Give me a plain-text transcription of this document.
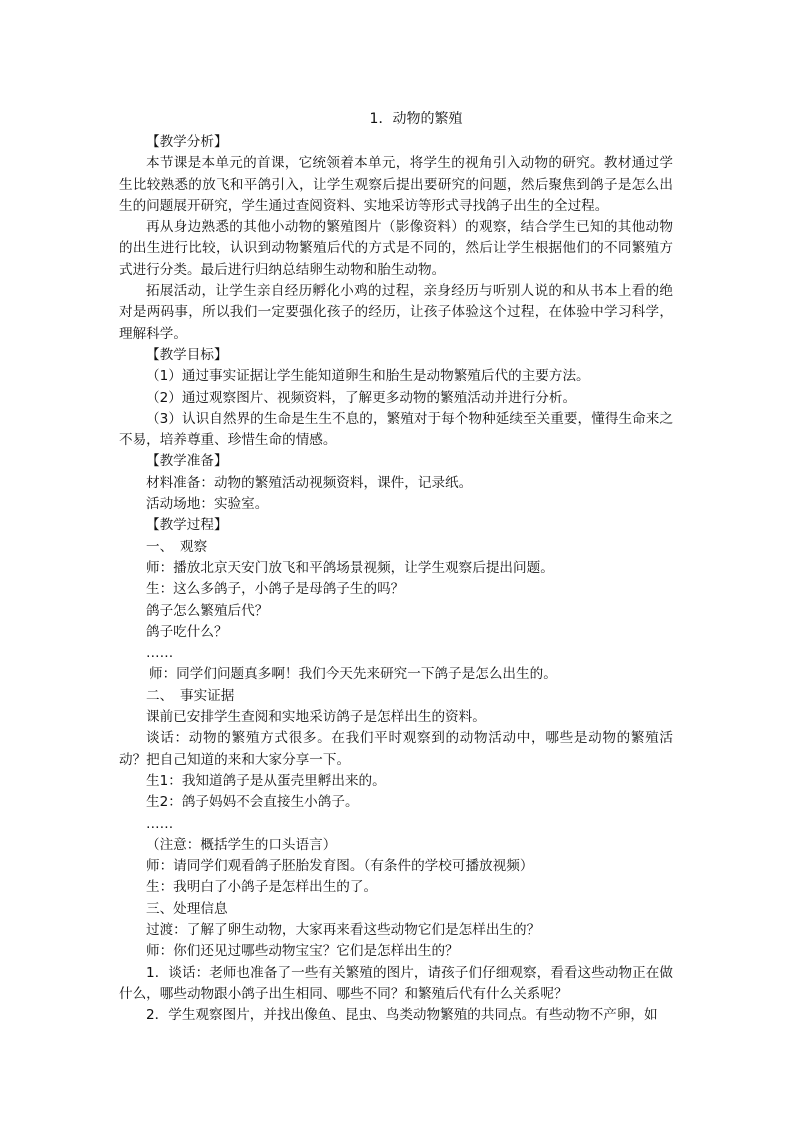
1．动物的繁殖

【教学分析】

本节课是本单元的首课，它统领着本单元，将学生的视角引入动物的研究。教材通过学生比较熟悉的放飞和平鸽引入，让学生观察后提出要研究的问题，然后聚焦到鸽子是怎么出生的问题展开研究，学生通过查阅资料、实地采访等形式寻找鸽子出生的全过程。

再从身边熟悉的其他小动物的繁殖图片（影像资料）的观察，结合学生已知的其他动物的出生进行比较，认识到动物繁殖后代的方式是不同的，然后让学生根据他们的不同繁殖方式进行分类。最后进行归纳总结卵生动物和胎生动物。

拓展活动，让学生亲自经历孵化小鸡的过程，亲身经历与听别人说的和从书本上看的绝对是两码事，所以我们一定要强化孩子的经历，让孩子体验这个过程，在体验中学习科学，理解科学。

【教学目标】

（1）通过事实证据让学生能知道卵生和胎生是动物繁殖后代的主要方法。

（2）通过观察图片、视频资料，了解更多动物的繁殖活动并进行分析。

（3）认识自然界的生命是生生不息的，繁殖对于每个物种延续至关重要，懂得生命来之不易，培养尊重、珍惜生命的情感。

【教学准备】

材料准备：动物的繁殖活动视频资料，课件，记录纸。

活动场地：实验室。

【教学过程】

一、　观察

师：播放北京天安门放飞和平鸽场景视频，让学生观察后提出问题。

生：这么多鸽子，小鸽子是母鸽子生的吗？

鸽子怎么繁殖后代？

鸽子吃什么？

……

师：同学们问题真多啊！我们今天先来研究一下鸽子是怎么出生的。

二、　事实证据

课前已安排学生查阅和实地采访鸽子是怎样出生的资料。

谈话：动物的繁殖方式很多。在我们平时观察到的动物活动中，哪些是动物的繁殖活动？把自己知道的来和大家分享一下。

生1：我知道鸽子是从蛋壳里孵出来的。

生2：鸽子妈妈不会直接生小鸽子。

……

（注意：概括学生的口头语言）

师：请同学们观看鸽子胚胎发育图。（有条件的学校可播放视频）

生：我明白了小鸽子是怎样出生的了。

三、处理信息

过渡：了解了卵生动物，大家再来看这些动物它们是怎样出生的？

师：你们还见过哪些动物宝宝？它们是怎样出生的？

1．谈话：老师也准备了一些有关繁殖的图片，请孩子们仔细观察，看看这些动物正在做什么，哪些动物跟小鸽子出生相同、哪些不同？和繁殖后代有什么关系呢？

2．学生观察图片，并找出像鱼、昆虫、鸟类动物繁殖的共同点。有些动物不产卵，如
